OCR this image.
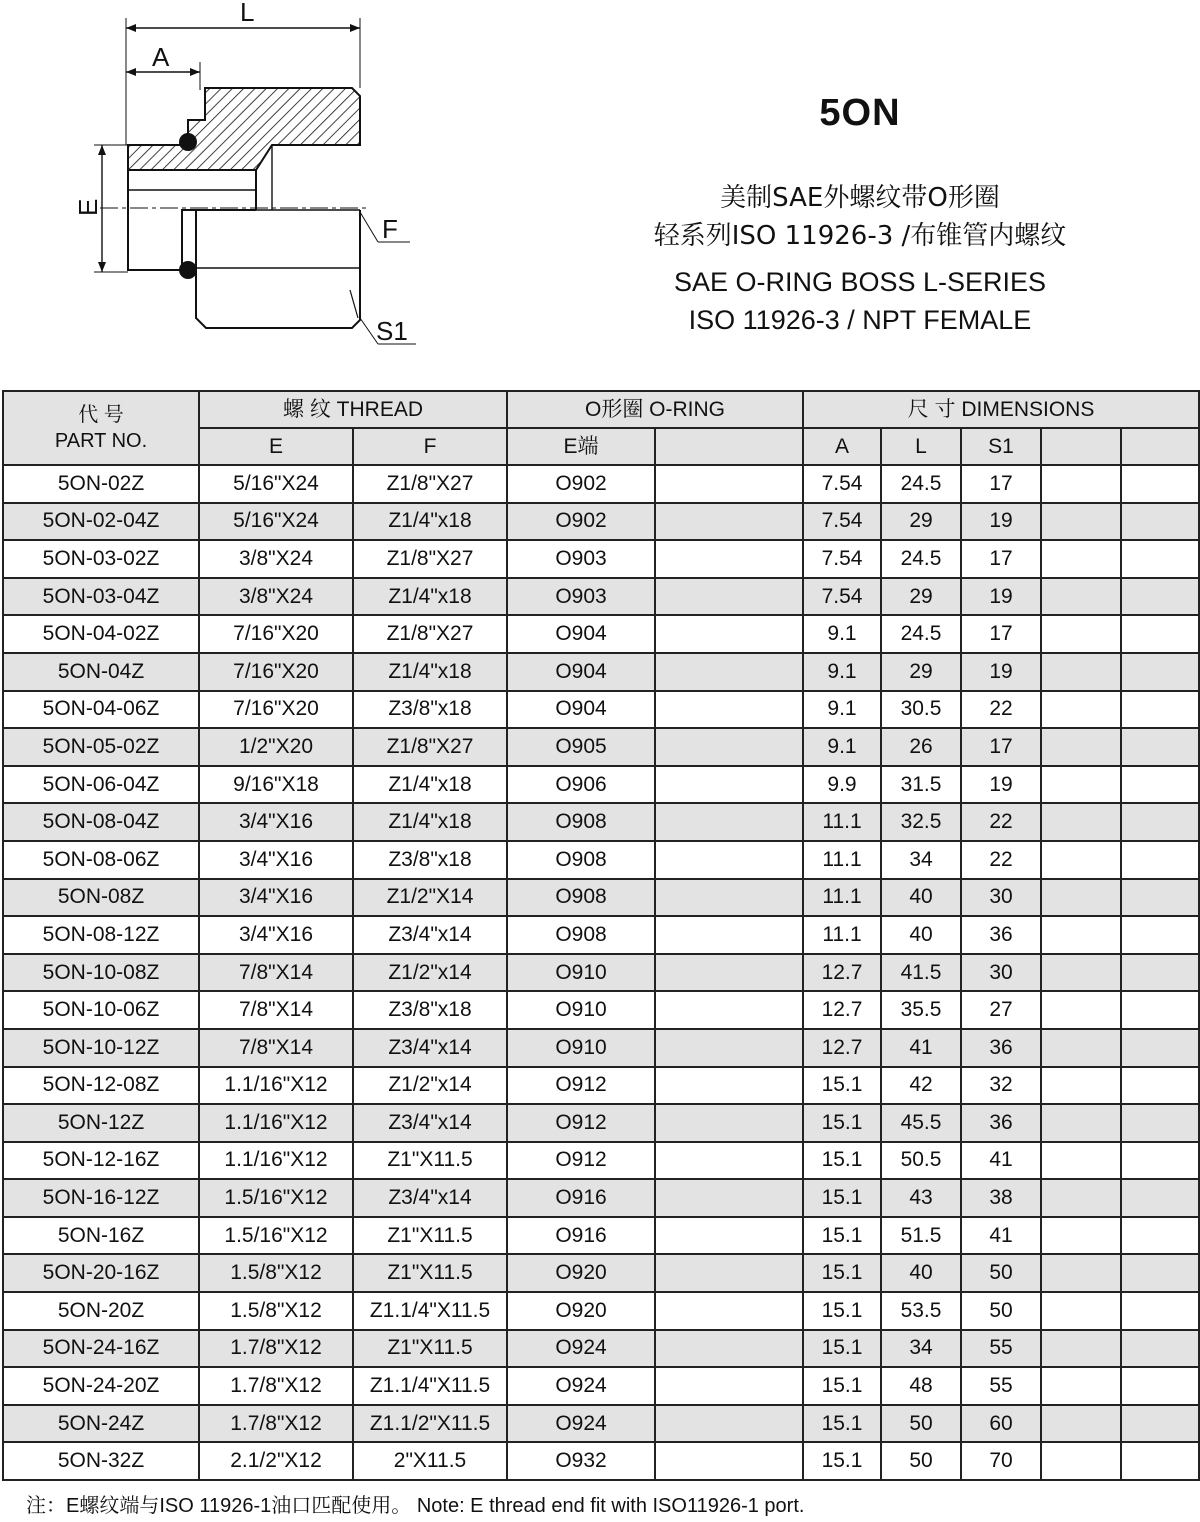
L
A
E
F
S1
5ON
美制SAE外螺纹带O形圈
轻系列ISO 11926-3 /布锥管内螺纹
SAE O-RING BOSS L-SERIES
ISO 11926-3 / NPT FEMALE
代 号
PART NO.	螺 纹 THREAD		O形圈 O-RING		尺 寸 DIMENSIONS				
	E	F	E端		A	L	S1		
5ON-02Z	5/16"X24	Z1/8"X27	O902		7.54	24.5	17		
5ON-02-04Z	5/16"X24	Z1/4"x18	O902		7.54	29	19		
5ON-03-02Z	3/8"X24	Z1/8"X27	O903		7.54	24.5	17		
5ON-03-04Z	3/8"X24	Z1/4"x18	O903		7.54	29	19		
5ON-04-02Z	7/16"X20	Z1/8"X27	O904		9.1	24.5	17		
5ON-04Z	7/16"X20	Z1/4"x18	O904		9.1	29	19		
5ON-04-06Z	7/16"X20	Z3/8"x18	O904		9.1	30.5	22		
5ON-05-02Z	1/2"X20	Z1/8"X27	O905		9.1	26	17		
5ON-06-04Z	9/16"X18	Z1/4"x18	O906		9.9	31.5	19		
5ON-08-04Z	3/4"X16	Z1/4"x18	O908		11.1	32.5	22		
5ON-08-06Z	3/4"X16	Z3/8"x18	O908		11.1	34	22		
5ON-08Z	3/4"X16	Z1/2"X14	O908		11.1	40	30		
5ON-08-12Z	3/4"X16	Z3/4"x14	O908		11.1	40	36		
5ON-10-08Z	7/8"X14	Z1/2"x14	O910		12.7	41.5	30		
5ON-10-06Z	7/8"X14	Z3/8"x18	O910		12.7	35.5	27		
5ON-10-12Z	7/8"X14	Z3/4"x14	O910		12.7	41	36		
5ON-12-08Z	1.1/16"X12	Z1/2"x14	O912		15.1	42	32		
5ON-12Z	1.1/16"X12	Z3/4"x14	O912		15.1	45.5	36		
5ON-12-16Z	1.1/16"X12	Z1"X11.5	O912		15.1	50.5	41		
5ON-16-12Z	1.5/16"X12	Z3/4"x14	O916		15.1	43	38		
5ON-16Z	1.5/16"X12	Z1"X11.5	O916		15.1	51.5	41		
5ON-20-16Z	1.5/8"X12	Z1"X11.5	O920		15.1	40	50		
5ON-20Z	1.5/8"X12	Z1.1/4"X11.5	O920		15.1	53.5	50		
5ON-24-16Z	1.7/8"X12	Z1"X11.5	O924		15.1	34	55		
5ON-24-20Z	1.7/8"X12	Z1.1/4"X11.5	O924		15.1	48	55		
5ON-24Z	1.7/8"X12	Z1.1/2"X11.5	O924		15.1	50	60		
5ON-32Z	2.1/2"X12	2"X11.5	O932		15.1	50	70		
注：E螺纹端与ISO 11926-1油口匹配使用。 Note: E thread end fit with ISO11926-1 port.
